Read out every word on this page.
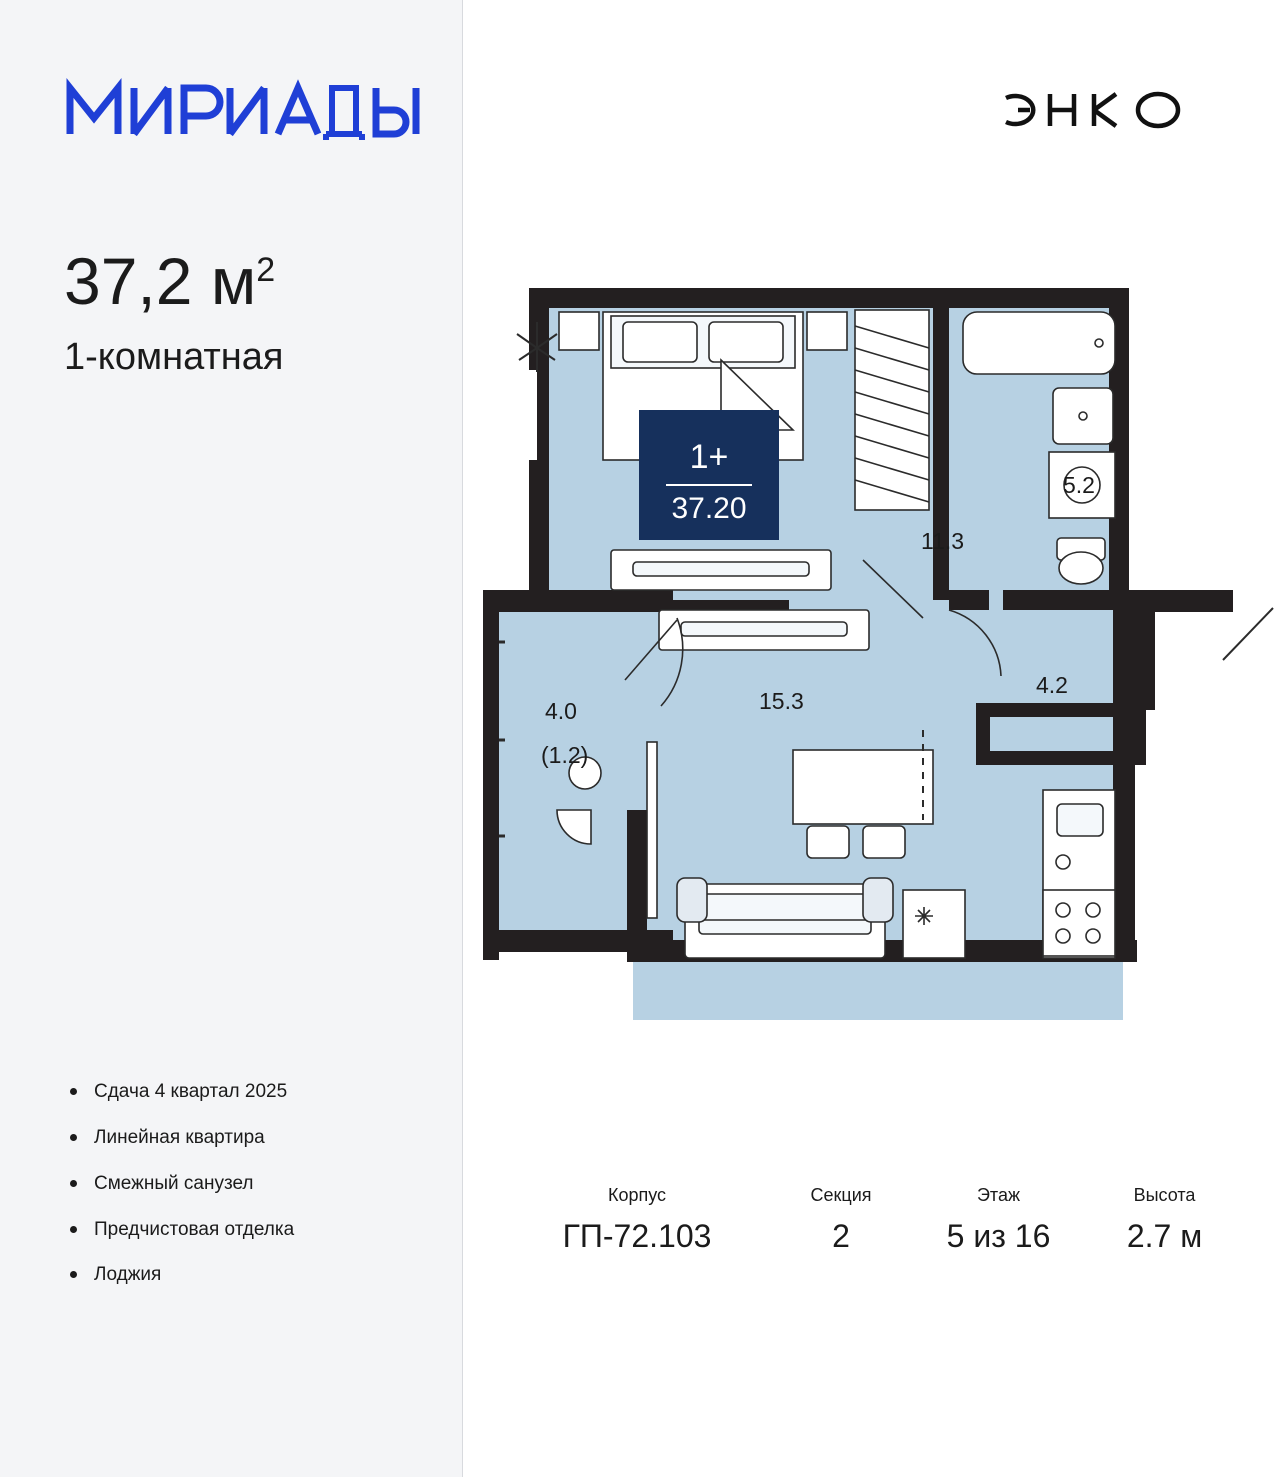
37,2 $м^2$
1-комнатная
Сдача 4 квартал 2025
Линейная квартира
Смежный санузел
Предчистовая отделка
Лоджия
1+
37.20
11.3
5.2
4.2
15.3
4.0
(1.2)
Корпус
ГП-72.103
Секция
2
Этаж
5 из 16
Высота
2.7 м
